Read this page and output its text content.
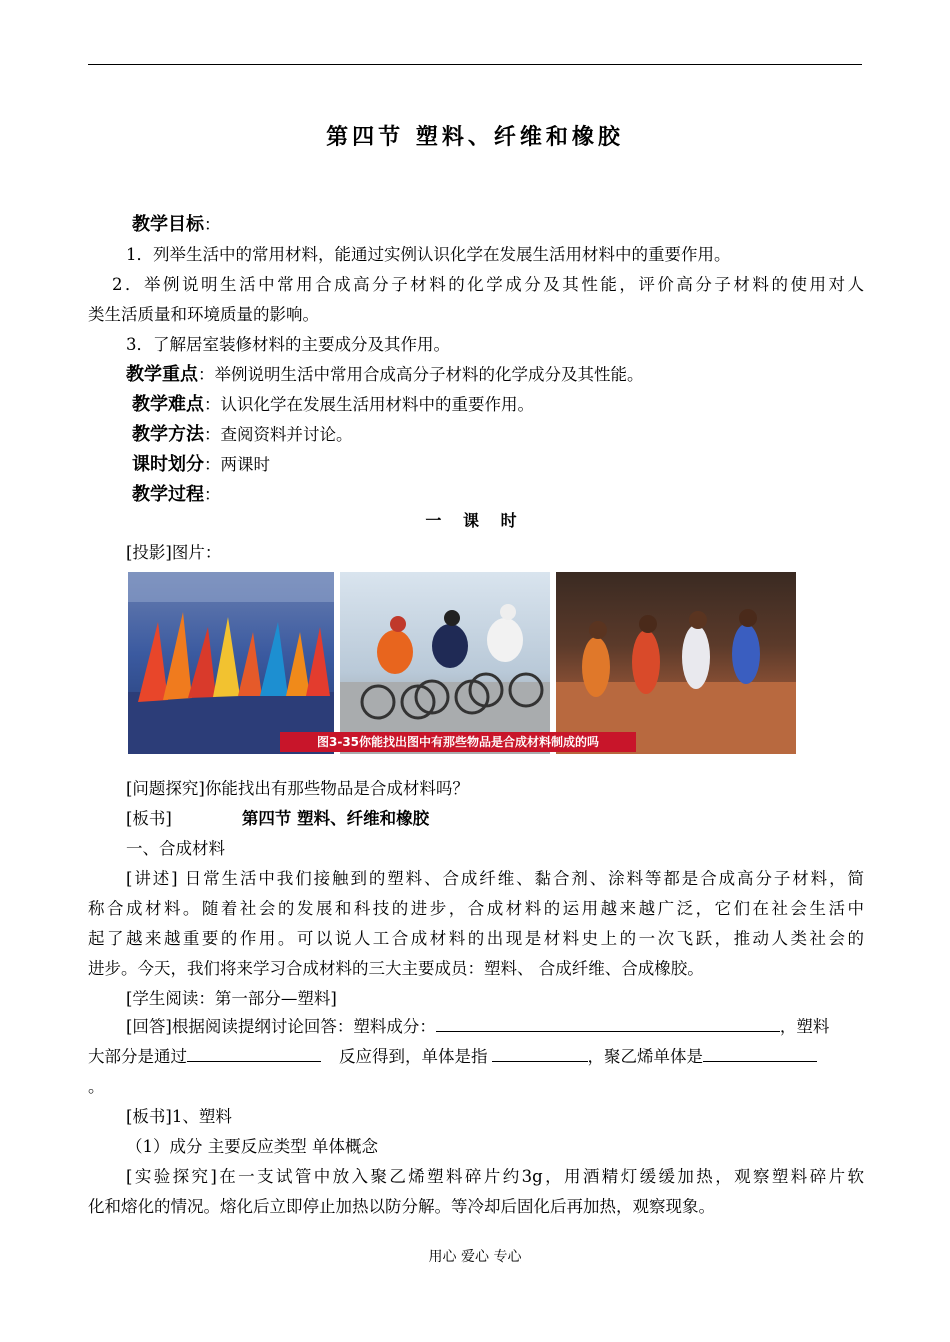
第四节 塑料、纤维和橡胶
教学目标：
1．列举生活中的常用材料，能通过实例认识化学在发展生活用材料中的重要作用。
2．举例说明生活中常用合成高分子材料的化学成分及其性能，评价高分子材料的使用对人
类生活质量和环境质量的影响。
3．了解居室装修材料的主要成分及其作用。
教学重点：举例说明生活中常用合成高分子材料的化学成分及其性能。
教学难点：认识化学在发展生活用材料中的重要作用。
教学方法：查阅资料并讨论。
课时划分：两课时
教学过程：
一 课 时
[投影]图片：
图3-35你能找出图中有那些物品是合成材料制成的吗
[问题探究]你能找出有那些物品是合成材料吗？
[板书]	第四节 塑料、纤维和橡胶
一、合成材料
[讲述] 日常生活中我们接触到的塑料、合成纤维、黏合剂、涂料等都是合成高分子材料，简
称合成材料。随着社会的发展和科技的进步，合成材料的运用越来越广泛，它们在社会生活中
起了越来越重要的作用。可以说人工合成材料的出现是材料史上的一次飞跃，推动人类社会的
进步。今天，我们将来学习合成材料的三大主要成员：塑料、 合成纤维、合成橡胶。
[学生阅读：第一部分—塑料]
[回答]根据阅读提纲讨论回答：塑料成分：	，塑料
大部分是通过	反应得到，单体是指	，聚乙烯单体是
。
[板书]1、塑料
（1）成分 主要反应类型 单体概念
[实验探究]在一支试管中放入聚乙烯塑料碎片约3g，用酒精灯缓缓加热，观察塑料碎片软
化和熔化的情况。熔化后立即停止加热以防分解。等冷却后固化后再加热，观察现象。
用心 爱心 专心
